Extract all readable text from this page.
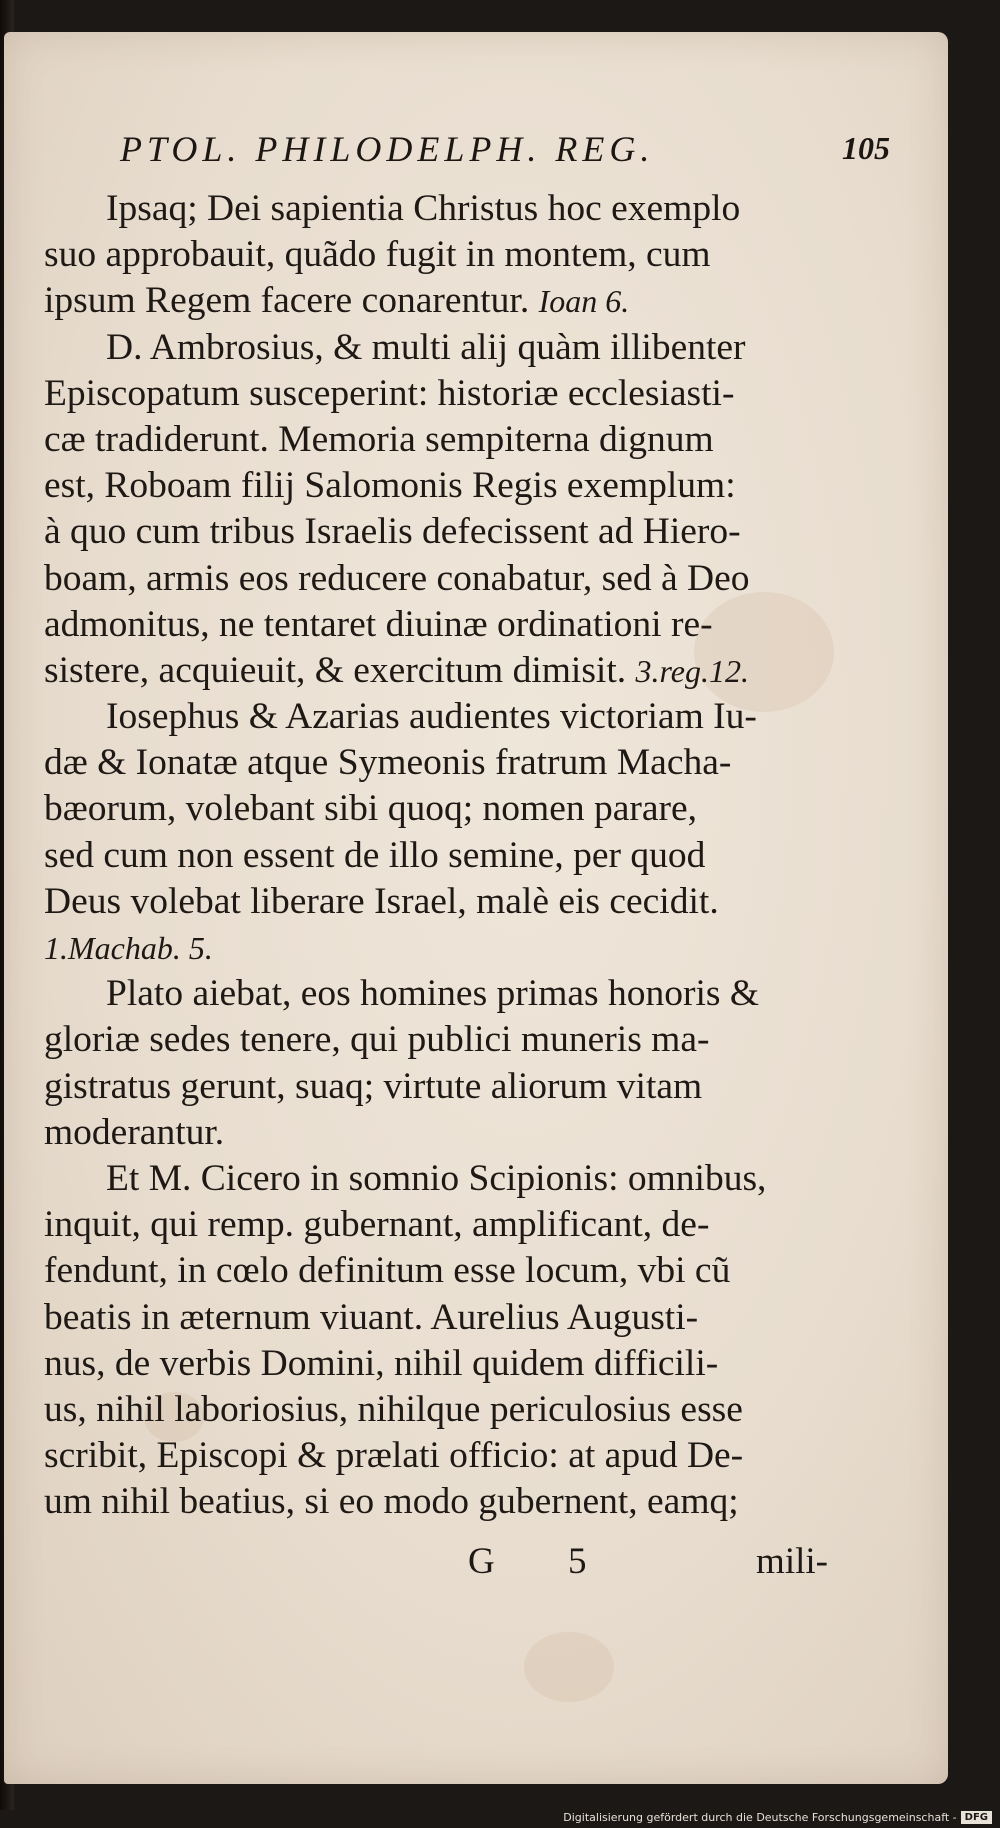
PTOL. PHILODELPH. REG.	105
Ipsaq; Dei sapientia Christus hoc exemplo
suo approbauit, quãdo fugit in montem, cum
ipsum Regem facere conarentur. Ioan 6.
D. Ambrosius, & multi alij quàm illibenter
Episcopatum susceperint: historiæ ecclesiasti-
cæ tradiderunt. Memoria sempiterna dignum
est, Roboam filij Salomonis Regis exemplum:
à quo cum tribus Israelis defecissent ad Hiero-
boam, armis eos reducere conabatur, sed à Deo
admonitus, ne tentaret diuinæ ordinationi re-
sistere, acquieuit, & exercitum dimisit. 3.reg.12.
Iosephus & Azarias audientes victoriam Iu-
dæ & Ionatæ atque Symeonis fratrum Macha-
bæorum, volebant sibi quoq; nomen parare,
sed cum non essent de illo semine, per quod
Deus volebat liberare Israel, malè eis cecidit.
1.Machab. 5.
Plato aiebat, eos homines primas honoris &
gloriæ sedes tenere, qui publici muneris ma-
gistratus gerunt, suaq; virtute aliorum vitam
moderantur.
Et M. Cicero in somnio Scipionis: omnibus,
inquit, qui remp. gubernant, amplificant, de-
fendunt, in cœlo definitum esse locum, vbi cũ
beatis in æternum viuant. Aurelius Augusti-
nus, de verbis Domini, nihil quidem difficili-
us, nihil laboriosius, nihilque periculosius esse
scribit, Episcopi & prælati officio: at apud De-
um nihil beatius, si eo modo gubernent, eamq;
G 5	mili-
Digitalisierung gefördert durch die Deutsche Forschungsgemeinschaft - DFG
